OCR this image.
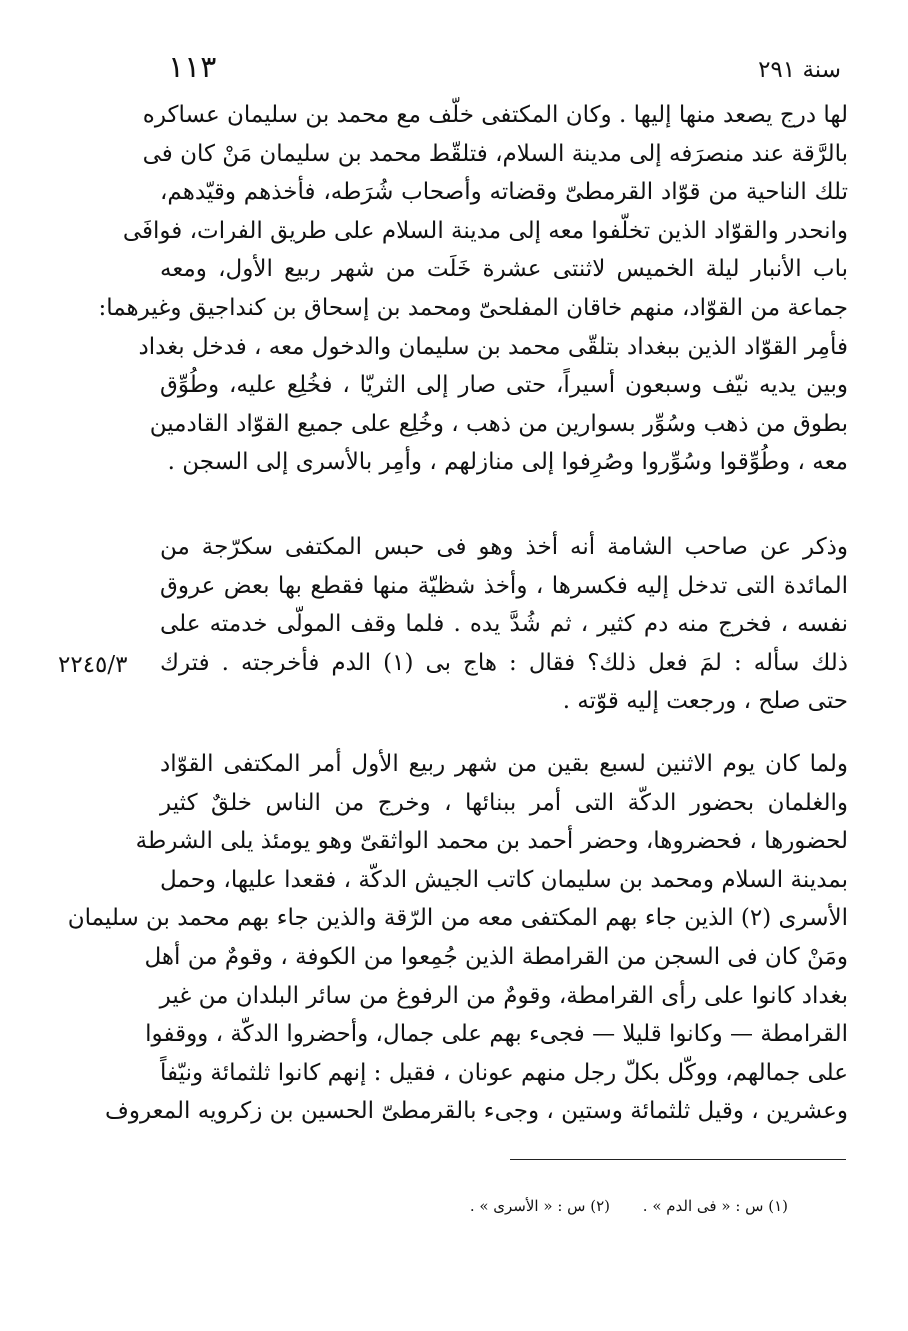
١١٣	سنة ٢٩١
٢٢٤٥/٣
لها درج يصعد منها إليها . وكان المكتفى خلّف مع محمد بن سليمان عساكره
بالرَّقة عند منصرَفه إلى مدينة السلام، فتلقّط محمد بن سليمان مَنْ كان فى
تلك الناحية من قوّاد القرمطىّ وقضاته وأصحاب شُرَطه، فأخذهم وقيّدهم،
وانحدر والقوّاد الذين تخلّفوا معه إلى مدينة السلام على طريق الفرات، فوافَى
باب الأنبار ليلة الخميس لاثنتى عشرة خَلَت من شهر ربيع الأول، ومعه
جماعة من القوّاد، منهم خاقان المفلحىّ ومحمد بن إسحاق بن كنداجيق وغيرهما:
فأمِر القوّاد الذين ببغداد بتلقّى محمد بن سليمان والدخول معه ، فدخل بغداد
وبين يديه نيّف وسبعون أسيراً، حتى صار إلى الثريّا ، فخُلِع عليه، وطُوِّق
بطوق من ذهب وسُوِّر بسوارين من ذهب ، وخُلِع على جميع القوّاد القادمين
معه ، وطُوِّقوا وسُوِّروا وصُرِفوا إلى منازلهم ، وأمِر بالأسرى إلى السجن .
وذكر عن صاحب الشامة أنه أخذ وهو فى حبس المكتفى سكرّجة من
المائدة التى تدخل إليه فكسرها ، وأخذ شظيّة منها فقطع بها بعض عروق
نفسه ، فخرج منه دم كثير ، ثم شُدَّ يده . فلما وقف المولّى خدمته على
ذلك سأله : لمَ فعل ذلك؟ فقال : هاج بى (١) الدم فأخرجته . فترك
حتى صلح ، ورجعت إليه قوّته .
ولما كان يوم الاثنين لسبع بقين من شهر ربيع الأول أمر المكتفى القوّاد
والغلمان بحضور الدكّة التى أمر ببنائها ، وخرج من الناس خلقٌ كثير
لحضورها ، فحضروها، وحضر أحمد بن محمد الواثقىّ وهو يومئذ يلى الشرطة
بمدينة السلام ومحمد بن سليمان كاتب الجيش الدكّة ، فقعدا عليها، وحمل
الأسرى (٢) الذين جاء بهم المكتفى معه من الرّقة والذين جاء بهم محمد بن سليمان
ومَنْ كان فى السجن من القرامطة الذين جُمِعوا من الكوفة ، وقومٌ من أهل
بغداد كانوا على رأى القرامطة، وقومٌ من الرفوغ من سائر البلدان من غير
القرامطة — وكانوا قليلا — فجىء بهم على جمال، وأحضروا الدكّة ، ووقفوا
على جمالهم، ووكّل بكلّ رجل منهم عونان ، فقيل : إنهم كانوا ثلثمائة ونيّفاً
وعشرين ، وقيل ثلثمائة وستين ، وجىء بالقرمطىّ الحسين بن زكرويه المعروف
(١) س : « فى الدم » . (٢) س : « الأسرى » .
